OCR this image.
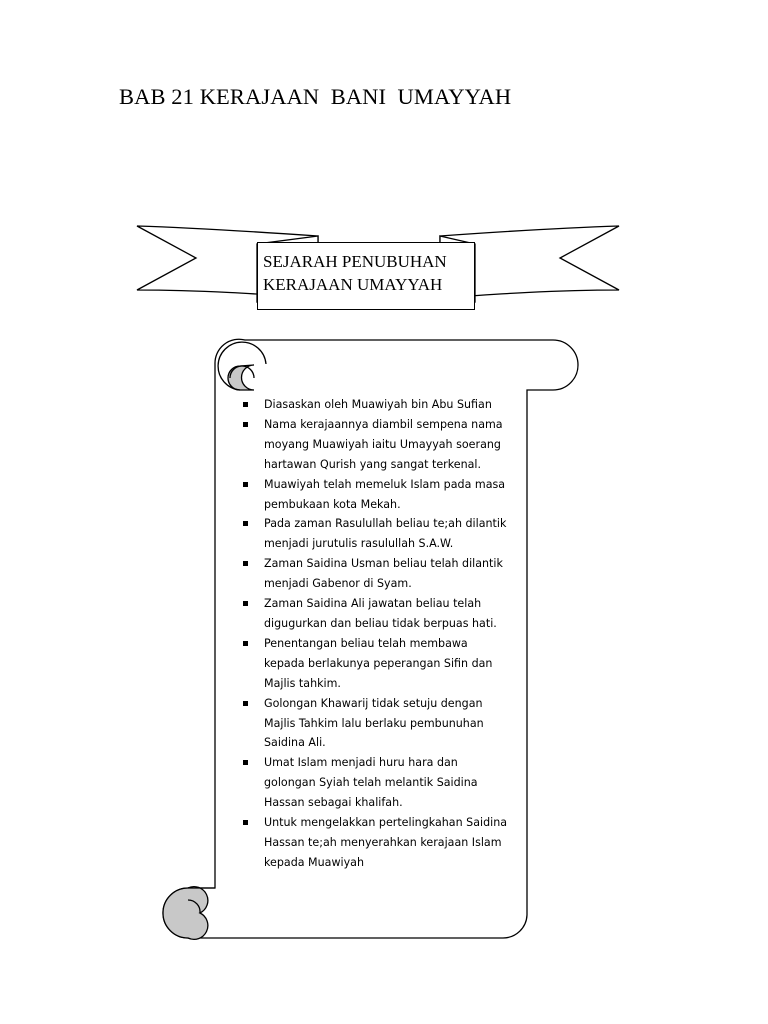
BAB 21 KERAJAAN  BANI  UMAYYAH
SEJARAH PENUBUHAN
KERAJAAN UMAYYAH
Diasaskan oleh Muawiyah bin Abu Sufian
Nama kerajaannya diambil sempena nama
moyang Muawiyah iaitu Umayyah soerang
hartawan Qurish yang sangat terkenal.
Muawiyah telah memeluk Islam pada masa
pembukaan kota Mekah.
Pada zaman Rasulullah beliau te;ah dilantik
menjadi jurutulis rasulullah S.A.W.
Zaman Saidina Usman beliau telah dilantik
menjadi Gabenor di Syam.
Zaman Saidina Ali jawatan beliau telah
digugurkan dan beliau tidak berpuas hati.
Penentangan beliau telah membawa
kepada berlakunya peperangan Sifin dan
Majlis tahkim.
Golongan Khawarij tidak setuju dengan
Majlis Tahkim lalu berlaku pembunuhan
Saidina Ali.
Umat Islam menjadi huru hara dan
golongan Syiah telah melantik Saidina
Hassan sebagai khalifah.
Untuk mengelakkan pertelingkahan Saidina
Hassan te;ah menyerahkan kerajaan Islam
kepada Muawiyah
